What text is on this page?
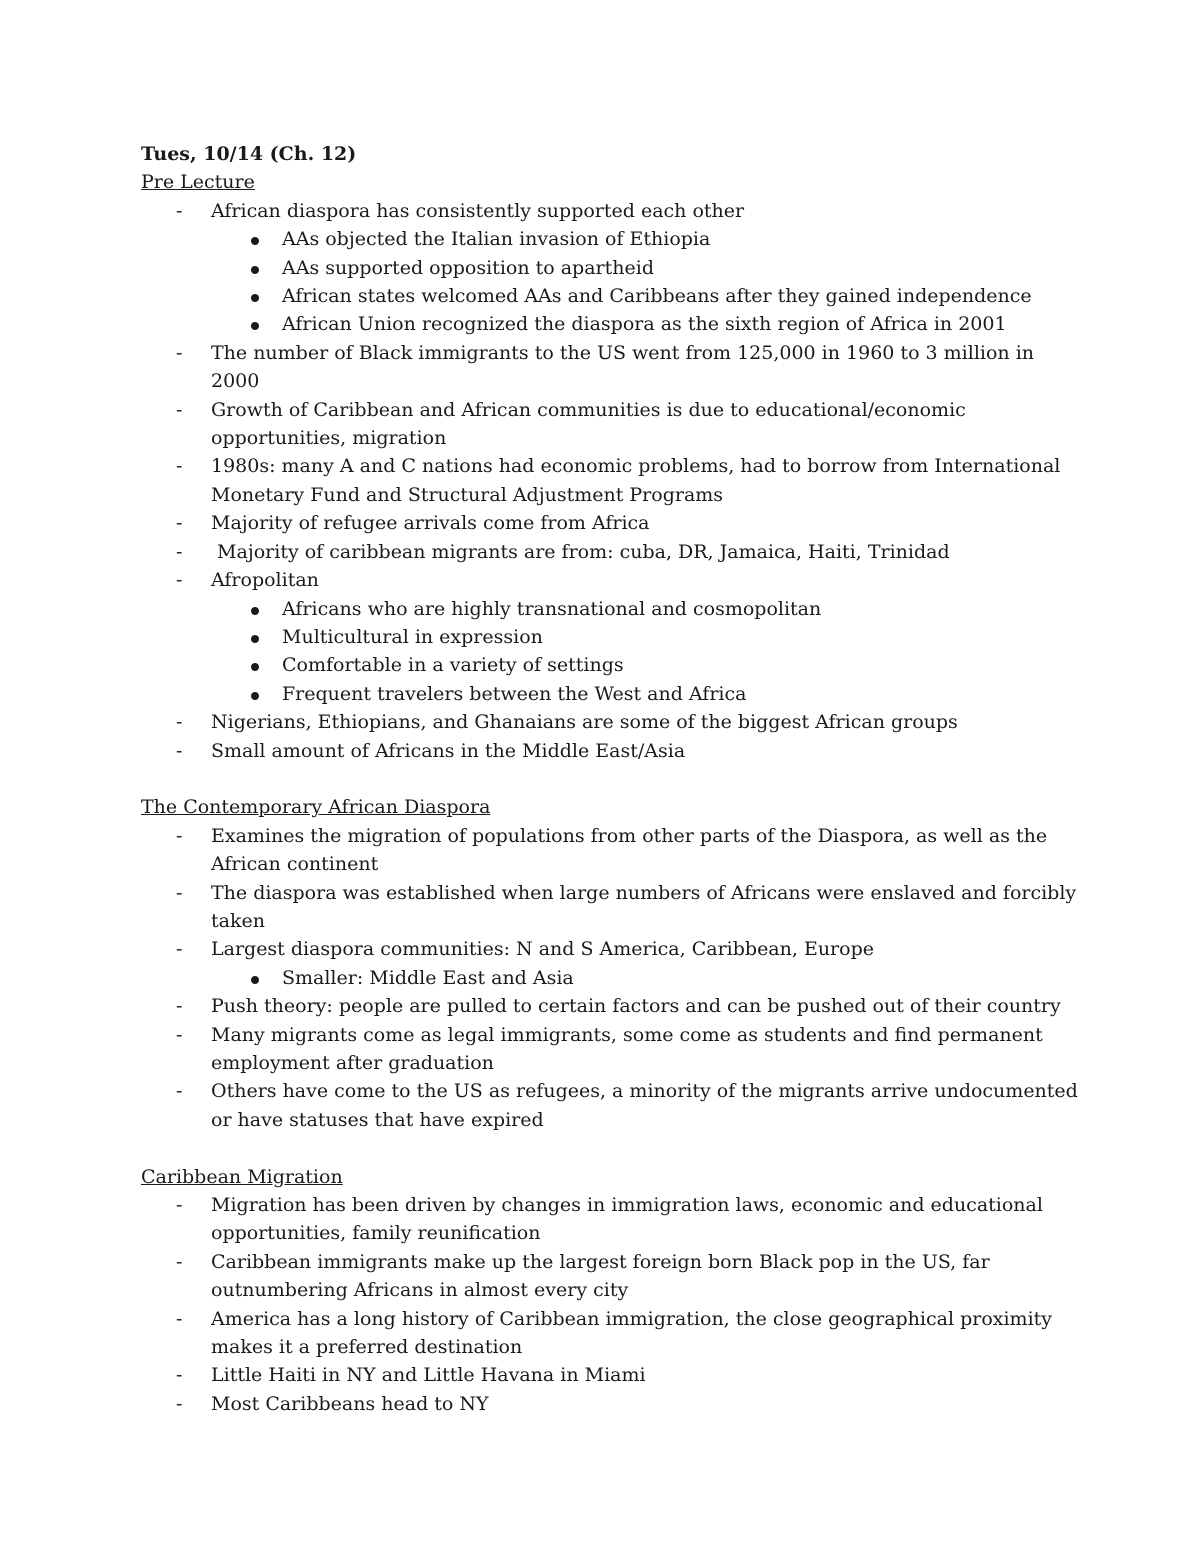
Tues, 10/14 (Ch. 12)

Pre Lecture

- African diaspora has consistently supported each other
AAs objected the Italian invasion of Ethiopia
AAs supported opposition to apartheid
African states welcomed AAs and Caribbeans after they gained independence
African Union recognized the diaspora as the sixth region of Africa in 2001
- The number of Black immigrants to the US went from 125,000 in 1960 to 3 million in 2000
- Growth of Caribbean and African communities is due to educational/economic opportunities, migration
- 1980s: many A and C nations had economic problems, had to borrow from International Monetary Fund and Structural Adjustment Programs
- Majority of refugee arrivals come from Africa
- Majority of caribbean migrants are from: cuba, DR, Jamaica, Haiti, Trinidad
- Afropolitan
Africans who are highly transnational and cosmopolitan
Multicultural in expression
Comfortable in a variety of settings
Frequent travelers between the West and Africa
- Nigerians, Ethiopians, and Ghanaians are some of the biggest African groups
- Small amount of Africans in the Middle East/Asia

The Contemporary African Diaspora

- Examines the migration of populations from other parts of the Diaspora, as well as the African continent
- The diaspora was established when large numbers of Africans were enslaved and forcibly taken
- Largest diaspora communities: N and S America, Caribbean, Europe
Smaller: Middle East and Asia
- Push theory: people are pulled to certain factors and can be pushed out of their country
- Many migrants come as legal immigrants, some come as students and find permanent employment after graduation
- Others have come to the US as refugees, a minority of the migrants arrive undocumented or have statuses that have expired

Caribbean Migration

- Migration has been driven by changes in immigration laws, economic and educational opportunities, family reunification
- Caribbean immigrants make up the largest foreign born Black pop in the US, far outnumbering Africans in almost every city
- America has a long history of Caribbean immigration, the close geographical proximity makes it a preferred destination
- Little Haiti in NY and Little Havana in Miami
- Most Caribbeans head to NY
